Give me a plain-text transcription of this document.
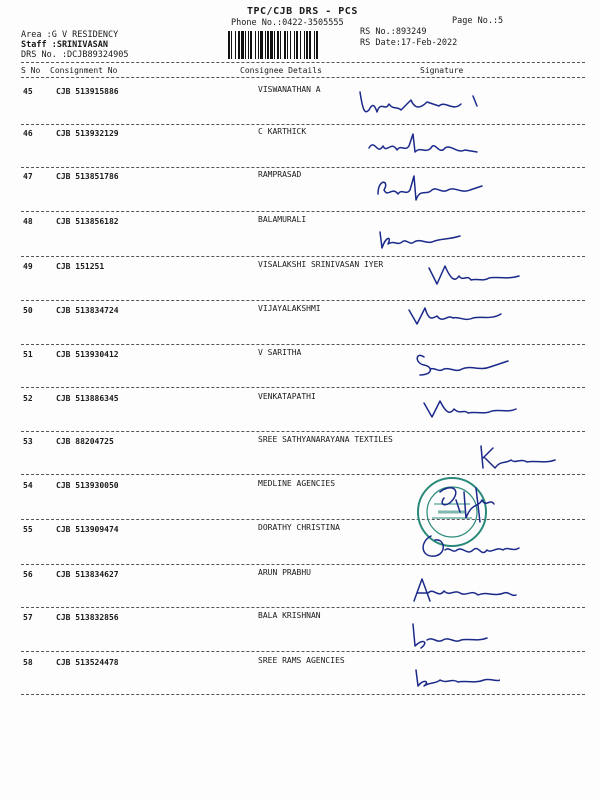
TPC/CJB DRS - PCS
Phone No.:0422-3505555	Page No.:5
RS No.:893249
RS Date:17-Feb-2022
Area :G V RESIDENCY
Staff :SRINIVASAN
DRS No. :DCJB89324905
S No Consignment No	Consignee Details	Signature
45	CJB 513915886	VISWANATHAN A
46	CJB 513932129	C KARTHICK
47	CJB 513851786	RAMPRASAD
48	CJB 513856182	BALAMURALI
49	CJB 151251	VISALAKSHI SRINIVASAN IYER
50	CJB 513834724	VIJAYALAKSHMI
51	CJB 513930412	V SARITHA
52	CJB 513886345	VENKATAPATHI
53	CJB 88204725	SREE SATHYANARAYANA TEXTILES
54	CJB 513930050	MEDLINE AGENCIES
55	CJB 513909474	DORATHY CHRISTINA
56	CJB 513834627	ARUN PRABHU
57	CJB 513832856	BALA KRISHNAN
58	CJB 513524478	SREE RAMS AGENCIES
